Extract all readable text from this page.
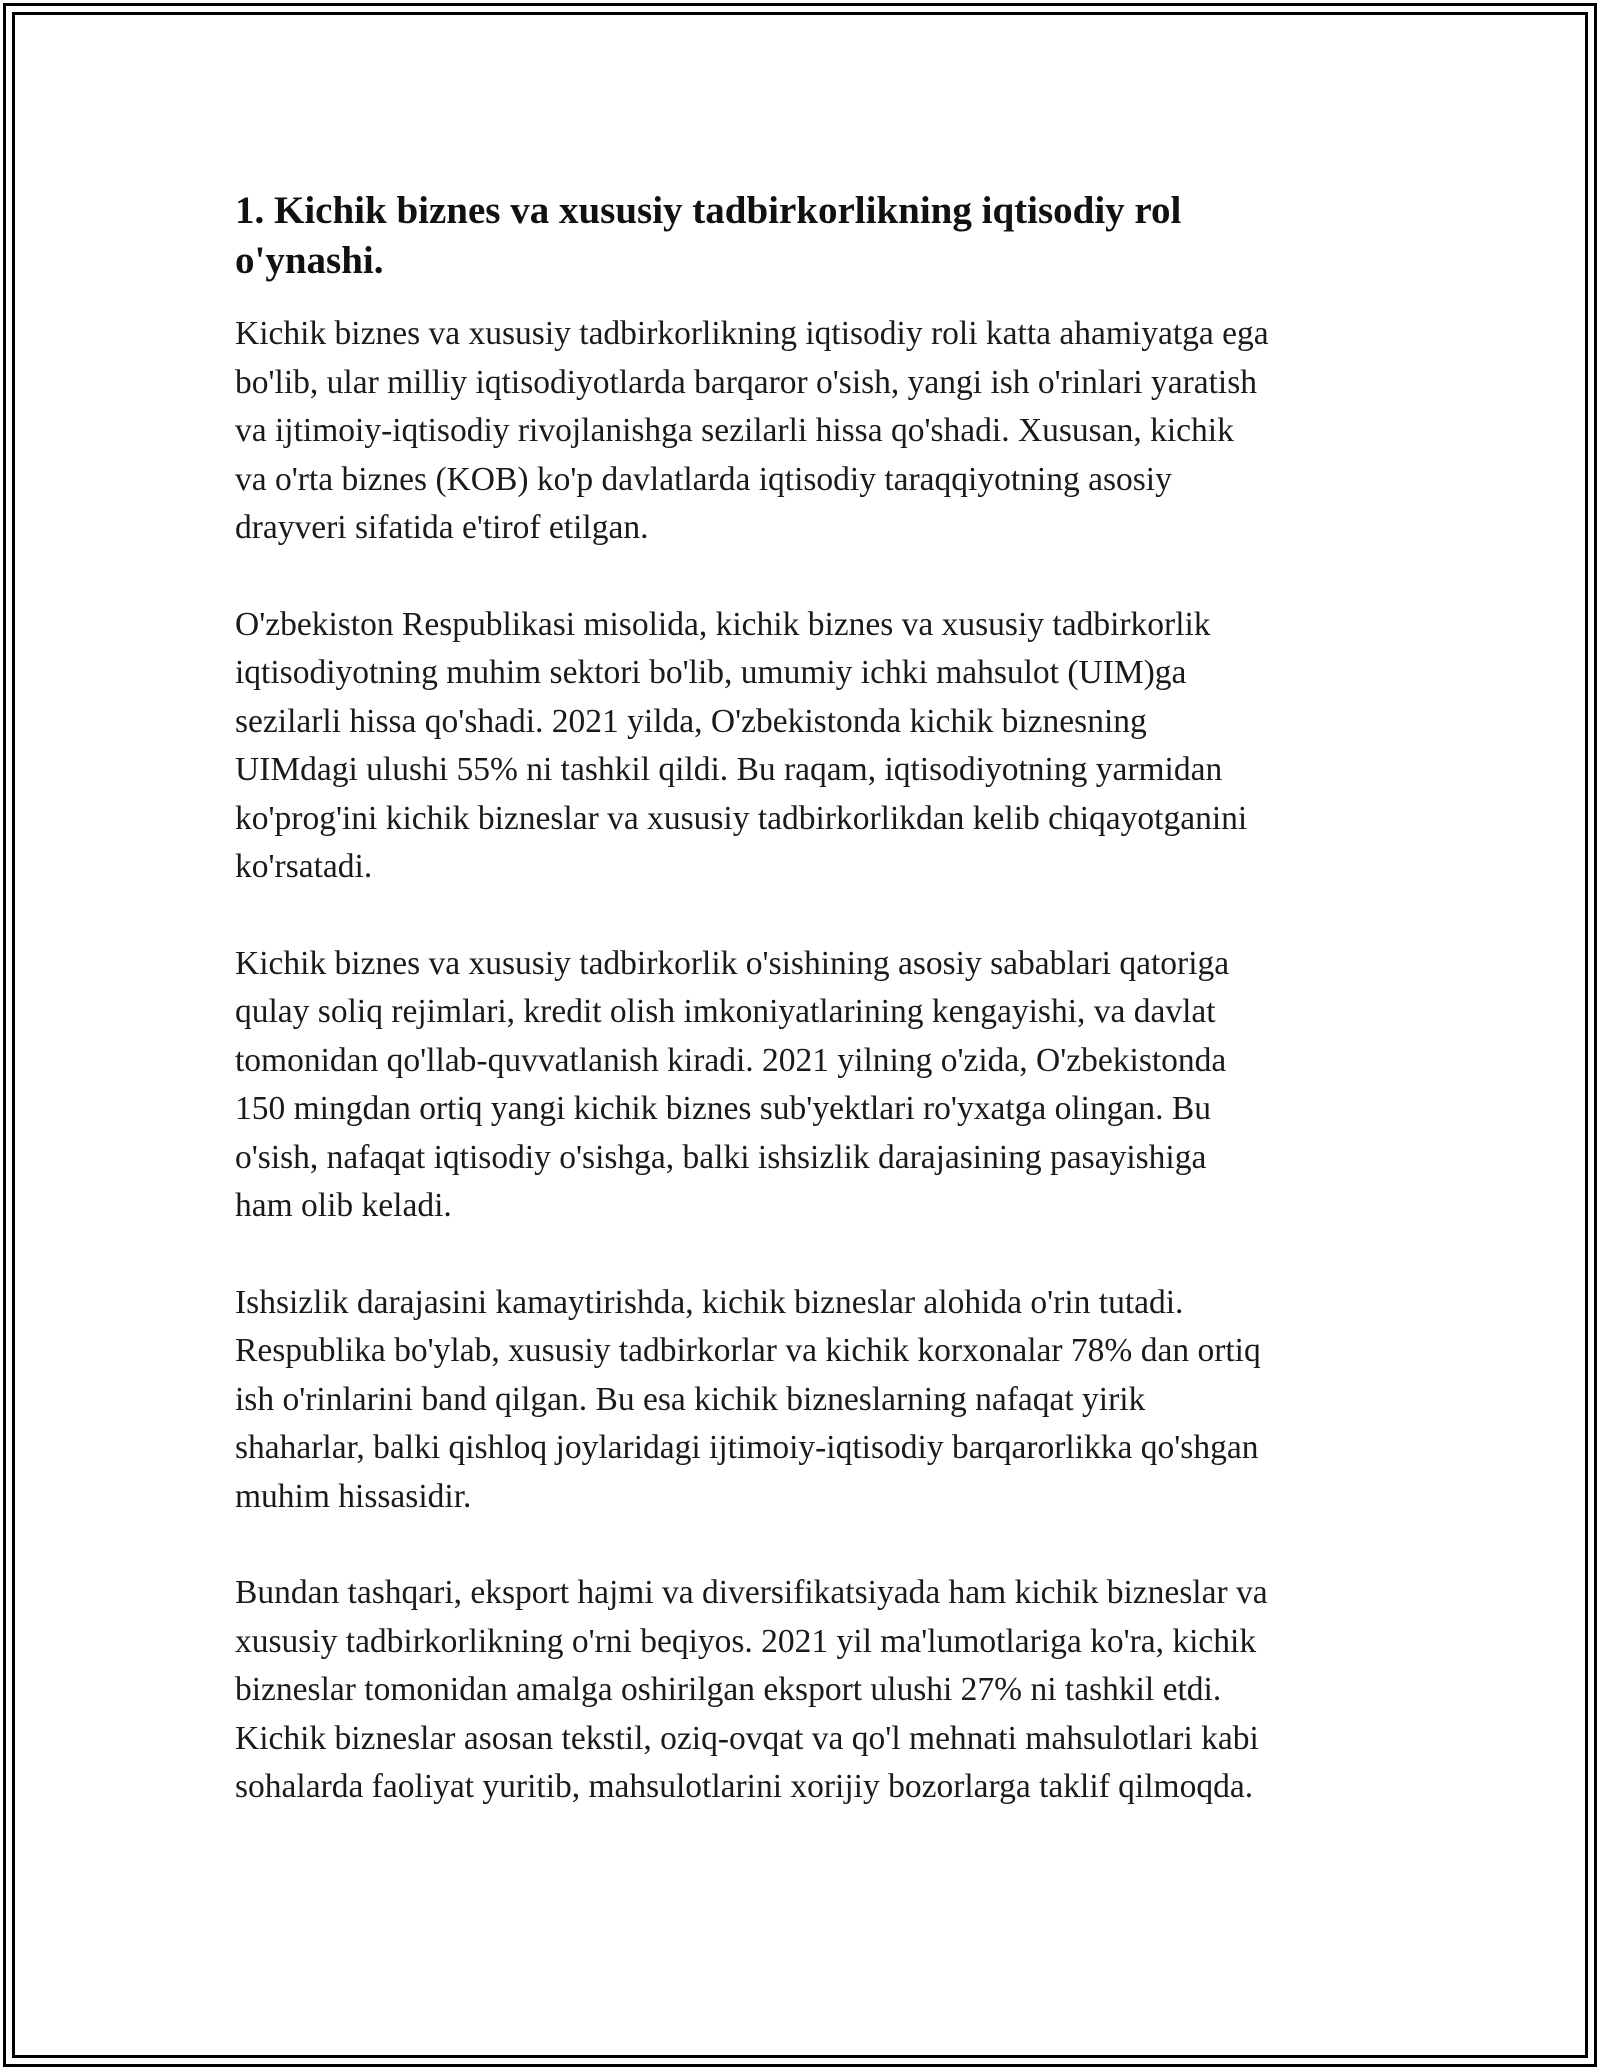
1. Kichik biznes va xususiy tadbirkorlikning iqtisodiy rol
o'ynashi.

Kichik biznes va xususiy tadbirkorlikning iqtisodiy roli katta ahamiyatga ega
bo'lib, ular milliy iqtisodiyotlarda barqaror o'sish, yangi ish o'rinlari yaratish
va ijtimoiy-iqtisodiy rivojlanishga sezilarli hissa qo'shadi. Xususan, kichik
va o'rta biznes (KOB) ko'p davlatlarda iqtisodiy taraqqiyotning asosiy
drayveri sifatida e'tirof etilgan.

O'zbekiston Respublikasi misolida, kichik biznes va xususiy tadbirkorlik
iqtisodiyotning muhim sektori bo'lib, umumiy ichki mahsulot (UIM)ga
sezilarli hissa qo'shadi. 2021 yilda, O'zbekistonda kichik biznesning
UIMdagi ulushi 55% ni tashkil qildi. Bu raqam, iqtisodiyotning yarmidan
ko'prog'ini kichik bizneslar va xususiy tadbirkorlikdan kelib chiqayotganini
ko'rsatadi.

Kichik biznes va xususiy tadbirkorlik o'sishining asosiy sabablari qatoriga
qulay soliq rejimlari, kredit olish imkoniyatlarining kengayishi, va davlat
tomonidan qo'llab-quvvatlanish kiradi. 2021 yilning o'zida, O'zbekistonda
150 mingdan ortiq yangi kichik biznes sub'yektlari ro'yxatga olingan. Bu
o'sish, nafaqat iqtisodiy o'sishga, balki ishsizlik darajasining pasayishiga
ham olib keladi.

Ishsizlik darajasini kamaytirishda, kichik bizneslar alohida o'rin tutadi.
Respublika bo'ylab, xususiy tadbirkorlar va kichik korxonalar 78% dan ortiq
ish o'rinlarini band qilgan. Bu esa kichik bizneslarning nafaqat yirik
shaharlar, balki qishloq joylaridagi ijtimoiy-iqtisodiy barqarorlikka qo'shgan
muhim hissasidir.

Bundan tashqari, eksport hajmi va diversifikatsiyada ham kichik bizneslar va
xususiy tadbirkorlikning o'rni beqiyos. 2021 yil ma'lumotlariga ko'ra, kichik
bizneslar tomonidan amalga oshirilgan eksport ulushi 27% ni tashkil etdi.
Kichik bizneslar asosan tekstil, oziq-ovqat va qo'l mehnati mahsulotlari kabi
sohalarda faoliyat yuritib, mahsulotlarini xorijiy bozorlarga taklif qilmoqda.
